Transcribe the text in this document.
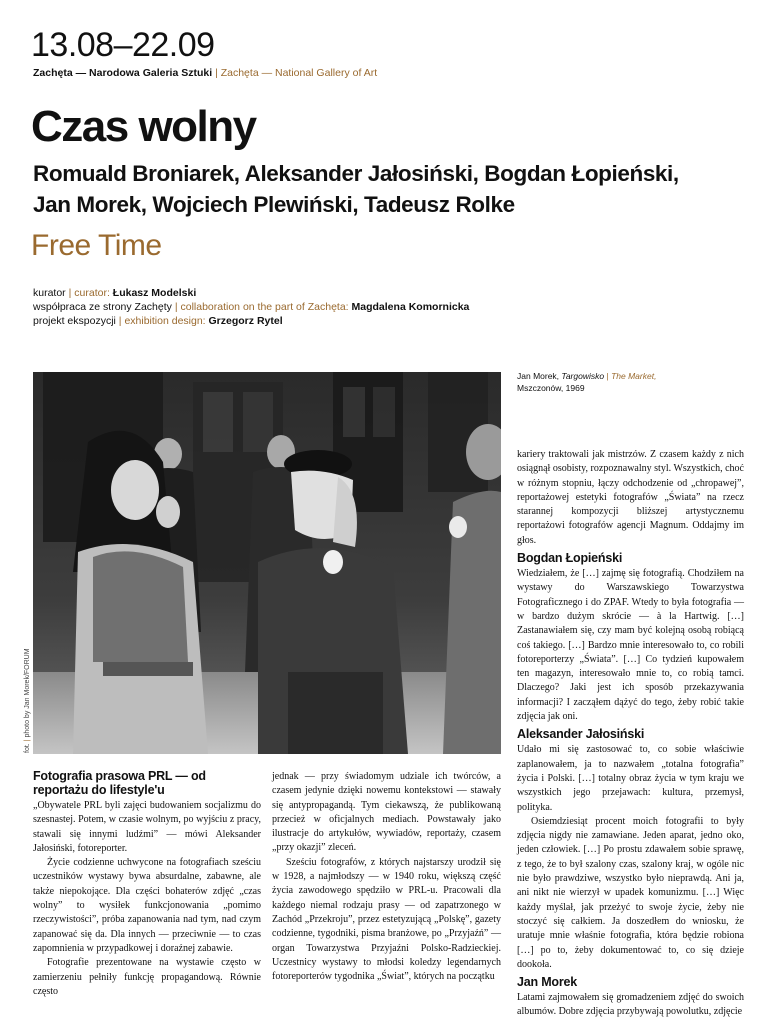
13.08–22.09
Zachęta — Narodowa Galeria Sztuki | Zachęta — National Gallery of Art
Czas wolny
Romuald Broniarek, Aleksander Jałosiński, Bogdan Łopieński,
Jan Morek, Wojciech Plewiński, Tadeusz Rolke
Free Time
kurator | curator: Łukasz Modelski
współpraca ze strony Zachęty | collaboration on the part of Zachęta: Magdalena Komornicka
projekt ekspozycji | exhibition design: Grzegorz Rytel
Jan Morek, Targowisko | The Market,
Mszczonów, 1969
fot. | photo by Jan Morek/FORUM
Fotografia prasowa PRL — od reportażu do lifestyle'u

„Obywatele PRL byli zajęci budowaniem socjalizmu do szesnastej. Potem, w czasie wolnym, po wyjściu z pracy, stawali się innymi ludźmi” — mówi Aleksander Jałosiński, fotoreporter.

Życie codzienne uchwycone na fotografiach sześciu uczestników wystawy bywa absurdalne, zabawne, ale także niepokojące. Dla części bohaterów zdjęć „czas wolny” to wysiłek funkcjonowania „pomimo rzeczywistości”, próba zapanowania nad tym, nad czym zapanować się da. Dla innych — przeciwnie — to czas zapomnienia w przypadkowej i doraźnej zabawie.

Fotografie prezentowane na wystawie często w zamierzeniu pełniły funkcję propagandową. Równie często

jednak — przy świadomym udziale ich twórców, a czasem jedynie dzięki nowemu kontekstowi — stawały się antypropagandą. Tym ciekawszą, że publikowaną przecież w oficjalnych mediach. Powstawały jako ilustracje do artykułów, wywiadów, reportaży, czasem „przy okazji” zleceń.

Sześciu fotografów, z których najstarszy urodził się w 1928, a najmłodszy — w 1940 roku, większą część życia zawodowego spędziło w PRL-u. Pracowali dla każdego niemal rodzaju prasy — od zapatrzonego w Zachód „Przekroju”, przez estetyzującą „Polskę”, gazety codzienne, tygodniki, pisma branżowe, po „Przyjaźń” — organ Towarzystwa Przyjaźni Polsko-Radzieckiej. Uczestnicy wystawy to młodsi koledzy legendarnych fotoreporterów tygodnika „Świat”, których na początku

kariery traktowali jak mistrzów. Z czasem każdy z nich osiągnął osobisty, rozpoznawalny styl. Wszystkich, choć w różnym stopniu, łączy odchodzenie od „chropawej”, reportażowej estetyki fotografów „Świata” na rzecz starannej kompozycji bliższej artystycznemu reportażowi fotografów agencji Magnum. Oddajmy im głos.

Bogdan Łopieński

Wiedziałem, że […] zajmę się fotografią. Chodziłem na wystawy do Warszawskiego Towarzystwa Fotograficznego i do ZPAF. Wtedy to była fotografia — w bardzo dużym skrócie — à la Hartwig. […] Zastanawiałem się, czy mam być kolejną osobą robiącą coś takiego. […] Bardzo mnie interesowało to, co robili fotoreporterzy „Świata”. […] Co tydzień kupowałem ten magazyn, interesowało mnie to, co robią tamci. Dlaczego? Jaki jest ich sposób przekazywania informacji? I zacząłem dążyć do tego, żeby robić takie zdjęcia jak oni.

Aleksander Jałosiński

Udało mi się zastosować to, co sobie właściwie zaplanowałem, ja to nazwałem „totalna fotografia” życia i Polski. […] totalny obraz życia w tym kraju we wszystkich jego przejawach: kultura, przemysł, polityka.

Osiemdziesiąt procent moich fotografii to były zdjęcia nigdy nie zamawiane. Jeden aparat, jedno oko, jeden człowiek. […] Po prostu zdawałem sobie sprawę, z tego, że to był szalony czas, szalony kraj, w ogóle nic nie było prawdziwe, wszystko było nieprawdą. Ani ja, ani nikt nie wierzył w upadek komunizmu. […] Więc każdy myślał, jak przeżyć to swoje życie, żeby nie stoczyć się całkiem. Ja doszedłem do wniosku, że uratuje mnie właśnie fotografia, która będzie robiona […] po to, żeby dokumentować to, co się dzieje dookoła.

Jan Morek

Latami zajmowałem się gromadzeniem zdjęć do swoich albumów. Dobre zdjęcia przybywają powolutku, zdjęcie
